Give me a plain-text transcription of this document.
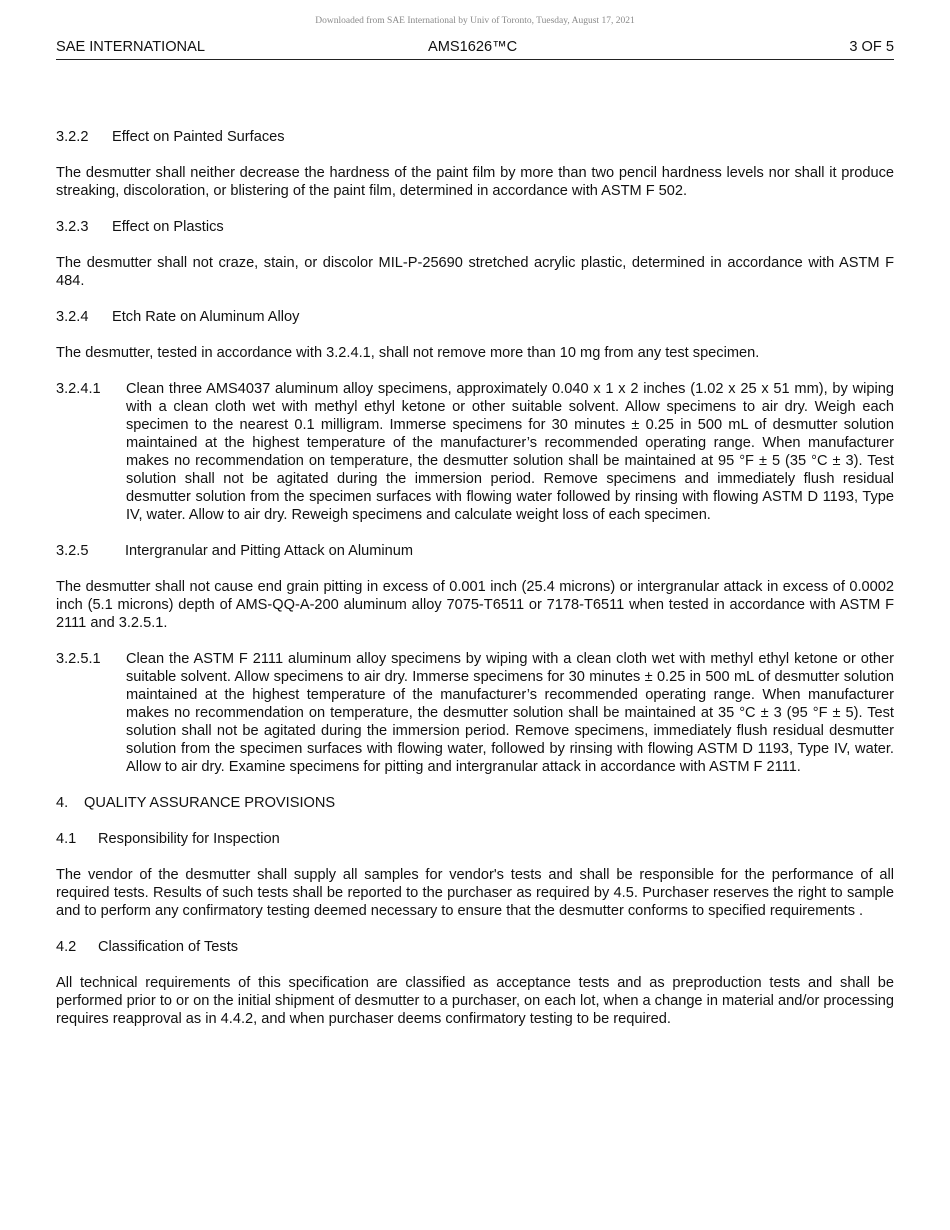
Downloaded from SAE International by Univ of Toronto, Tuesday, August 17, 2021
SAE INTERNATIONAL	AMS1626™C	3 OF 5
3.2.2 Effect on Painted Surfaces

The desmutter shall neither decrease the hardness of the paint film by more than two pencil hardness levels nor shall it produce streaking, discoloration, or blistering of the paint film, determined in accordance with ASTM F 502.

3.2.3 Effect on Plastics

The desmutter shall not craze, stain, or discolor MIL-P-25690 stretched acrylic plastic, determined in accordance with ASTM F 484.

3.2.4 Etch Rate on Aluminum Alloy

The desmutter, tested in accordance with 3.2.4.1, shall not remove more than 10 mg from any test specimen.

3.2.4.1	Clean three AMS4037 aluminum alloy specimens, approximately 0.040 x 1 x 2 inches (1.02 x 25 x 51 mm), by wiping with a clean cloth wet with methyl ethyl ketone or other suitable solvent. Allow specimens to air dry. Weigh each specimen to the nearest 0.1 milligram. Immerse specimens for 30 minutes ± 0.25 in 500 mL of desmutter solution maintained at the highest temperature of the manufacturer’s recommended operating range. When manufacturer makes no recommendation on temperature, the desmutter solution shall be maintained at 95 °F ± 5 (35 °C ± 3). Test solution shall not be agitated during the immersion period. Remove specimens and immediately flush residual desmutter solution from the specimen surfaces with flowing water followed by rinsing with flowing ASTM D 1193, Type IV, water. Allow to air dry. Reweigh specimens and calculate weight loss of each specimen.
3.2.5	Intergranular and Pitting Attack on Aluminum

The desmutter shall not cause end grain pitting in excess of 0.001 inch (25.4 microns) or intergranular attack in excess of 0.0002 inch (5.1 microns) depth of AMS-QQ-A-200 aluminum alloy 7075-T6511 or 7178-T6511 when tested in accordance with ASTM F 2111 and 3.2.5.1.

3.2.5.1	Clean the ASTM F 2111 aluminum alloy specimens by wiping with a clean cloth wet with methyl ethyl ketone or other suitable solvent. Allow specimens to air dry. Immerse specimens for 30 minutes ± 0.25 in 500 mL of desmutter solution maintained at the highest temperature of the manufacturer’s recommended operating range. When manufacturer makes no recommendation on temperature, the desmutter solution shall be maintained at 35 °C ± 3 (95 °F ± 5). Test solution shall not be agitated during the immersion period. Remove specimens, immediately flush residual desmutter solution from the specimen surfaces with flowing water, followed by rinsing with flowing ASTM D 1193, Type IV, water. Allow to air dry. Examine specimens for pitting and intergranular attack in accordance with ASTM F 2111.
4. QUALITY ASSURANCE PROVISIONS
4.1 Responsibility for Inspection

The vendor of the desmutter shall supply all samples for vendor's tests and shall be responsible for the performance of all required tests. Results of such tests shall be reported to the purchaser as required by 4.5. Purchaser reserves the right to sample and to perform any confirmatory testing deemed necessary to ensure that the desmutter conforms to specified requirements .

4.2 Classification of Tests

All technical requirements of this specification are classified as acceptance tests and as preproduction tests and shall be performed prior to or on the initial shipment of desmutter to a purchaser, on each lot, when a change in material and/or processing requires reapproval as in 4.4.2, and when purchaser deems confirmatory testing to be required.
